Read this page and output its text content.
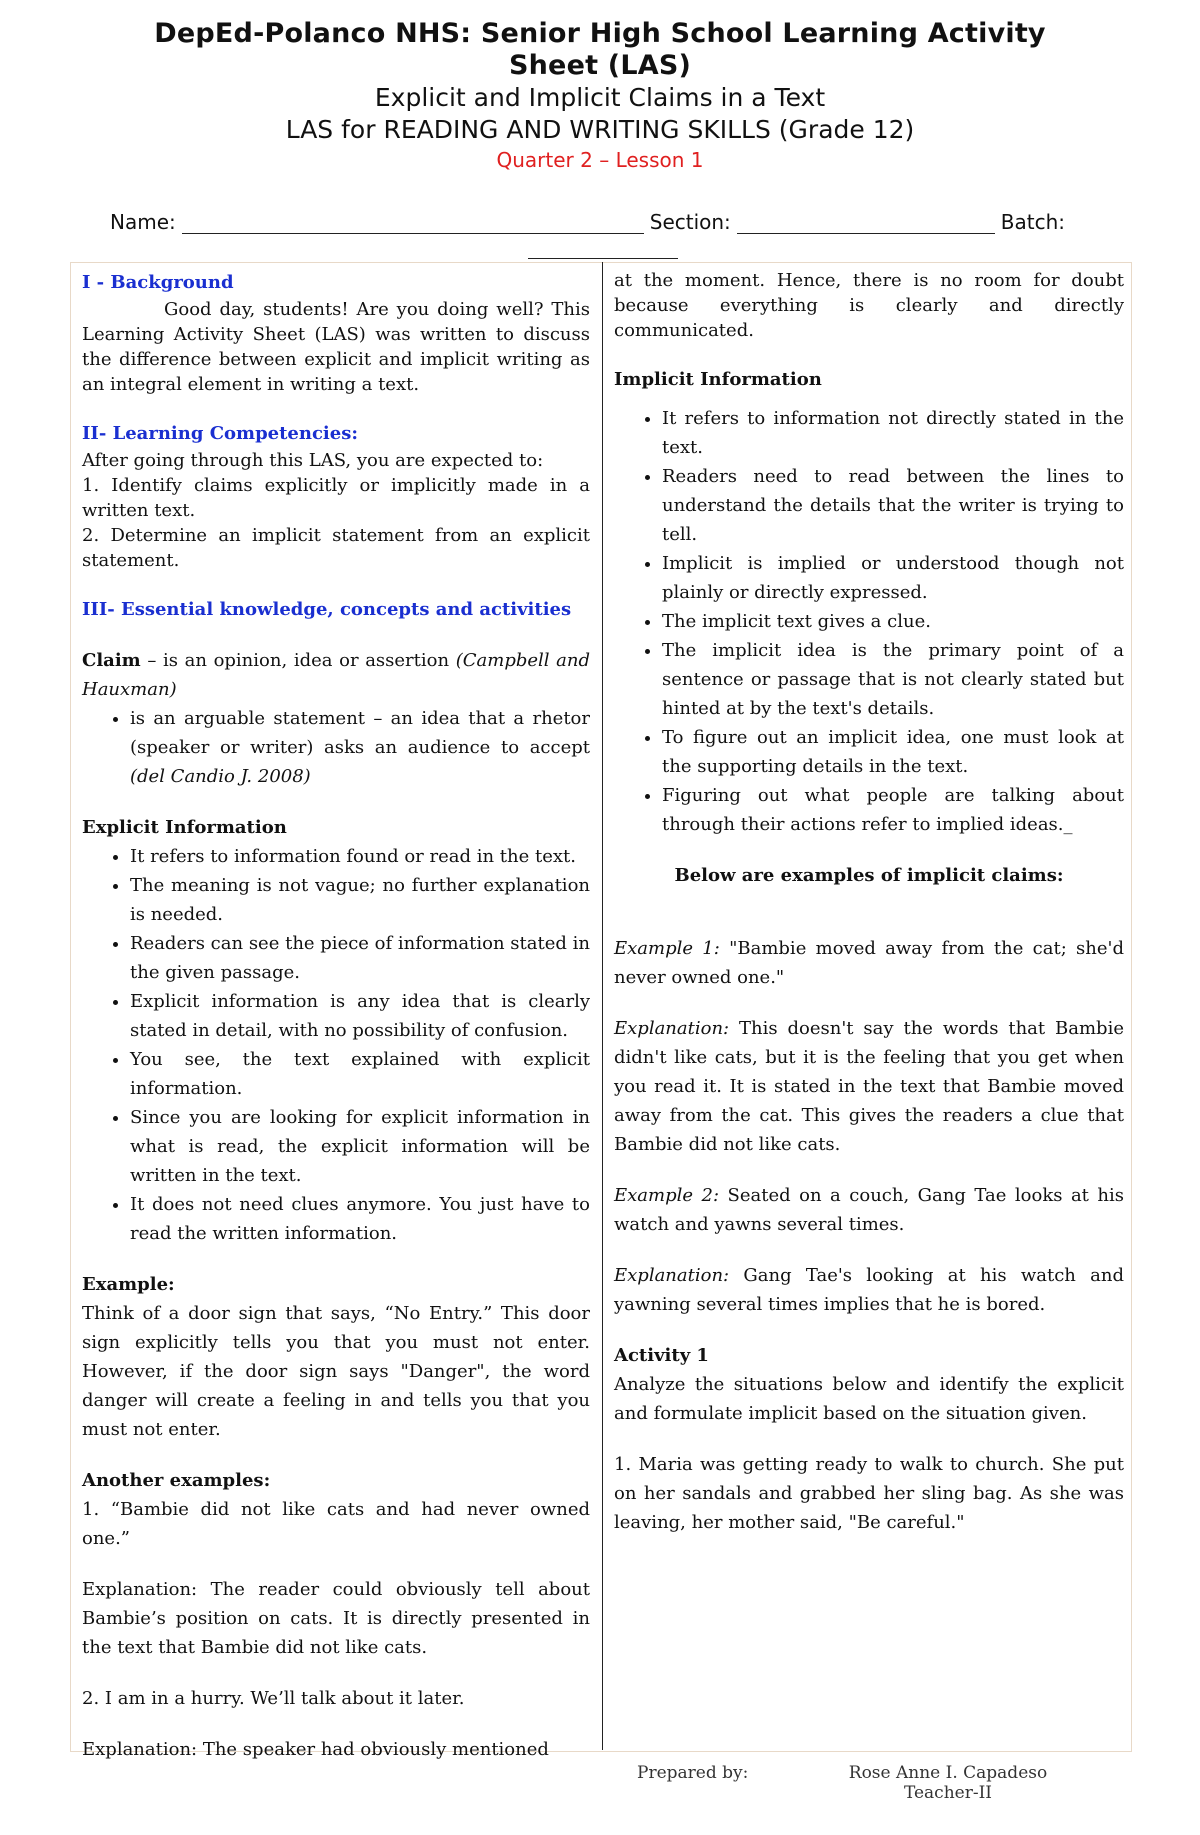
DepEd-Polanco NHS: Senior High School Learning Activity Sheet (LAS)
Explicit and Implicit Claims in a Text
LAS for READING AND WRITING SKILLS (Grade 12)
Quarter 2 – Lesson 1
Name:	Section:	Batch:

I - Background

Good day, students! Are you doing well? This Learning Activity Sheet (LAS) was written to discuss the difference between explicit and implicit writing as an integral element in writing a text.

II- Learning Competencies:

After going through this LAS, you are expected to:

1. Identify claims explicitly or implicitly made in a written text.

2. Determine an implicit statement from an explicit statement.

III- Essential knowledge, concepts and activities

Claim – is an opinion, idea or assertion (Campbell and Hauxman)

• is an arguable statement – an idea that a rhetor (speaker or writer) asks an audience to accept (del Candio J. 2008)

Explicit Information

• It refers to information found or read in the text.
• The meaning is not vague; no further explanation is needed.
• Readers can see the piece of information stated in the given passage.
• Explicit information is any idea that is clearly stated in detail, with no possibility of confusion.
• You see, the text explained with explicit information.
• Since you are looking for explicit information in what is read, the explicit information will be written in the text.
• It does not need clues anymore. You just have to read the written information.

Example:

Think of a door sign that says, “No Entry.” This door sign explicitly tells you that you must not enter. However, if the door sign says "Danger", the word danger will create a feeling in and tells you that you must not enter.

Another examples:

1. “Bambie did not like cats and had never owned one.”

Explanation: The reader could obviously tell about Bambie’s position on cats. It is directly presented in the text that Bambie did not like cats.

2. I am in a hurry. We’ll talk about it later.

Explanation: The speaker had obviously mentioned

at the moment. Hence, there is no room for doubt because everything is clearly and directly communicated.

Implicit Information

• It refers to information not directly stated in the text.
• Readers need to read between the lines to understand the details that the writer is trying to tell.
• Implicit is implied or understood though not plainly or directly expressed.
• The implicit text gives a clue.
• The implicit idea is the primary point of a sentence or passage that is not clearly stated but hinted at by the text's details.
• To figure out an implicit idea, one must look at the supporting details in the text.
• Figuring out what people are talking about through their actions refer to implied ideas._

Below are examples of implicit claims:

Example 1: "Bambie moved away from the cat; she'd never owned one."

Explanation: This doesn't say the words that Bambie didn't like cats, but it is the feeling that you get when you read it. It is stated in the text that Bambie moved away from the cat. This gives the readers a clue that Bambie did not like cats.

Example 2: Seated on a couch, Gang Tae looks at his watch and yawns several times.

Explanation: Gang Tae's looking at his watch and yawning several times implies that he is bored.

Activity 1

Analyze the situations below and identify the explicit and formulate implicit based on the situation given.

1. Maria was getting ready to walk to church. She put on her sandals and grabbed her sling bag. As she was leaving, her mother said, "Be careful."

Prepared by:	Rose Anne I. Capadeso
Teacher-II
